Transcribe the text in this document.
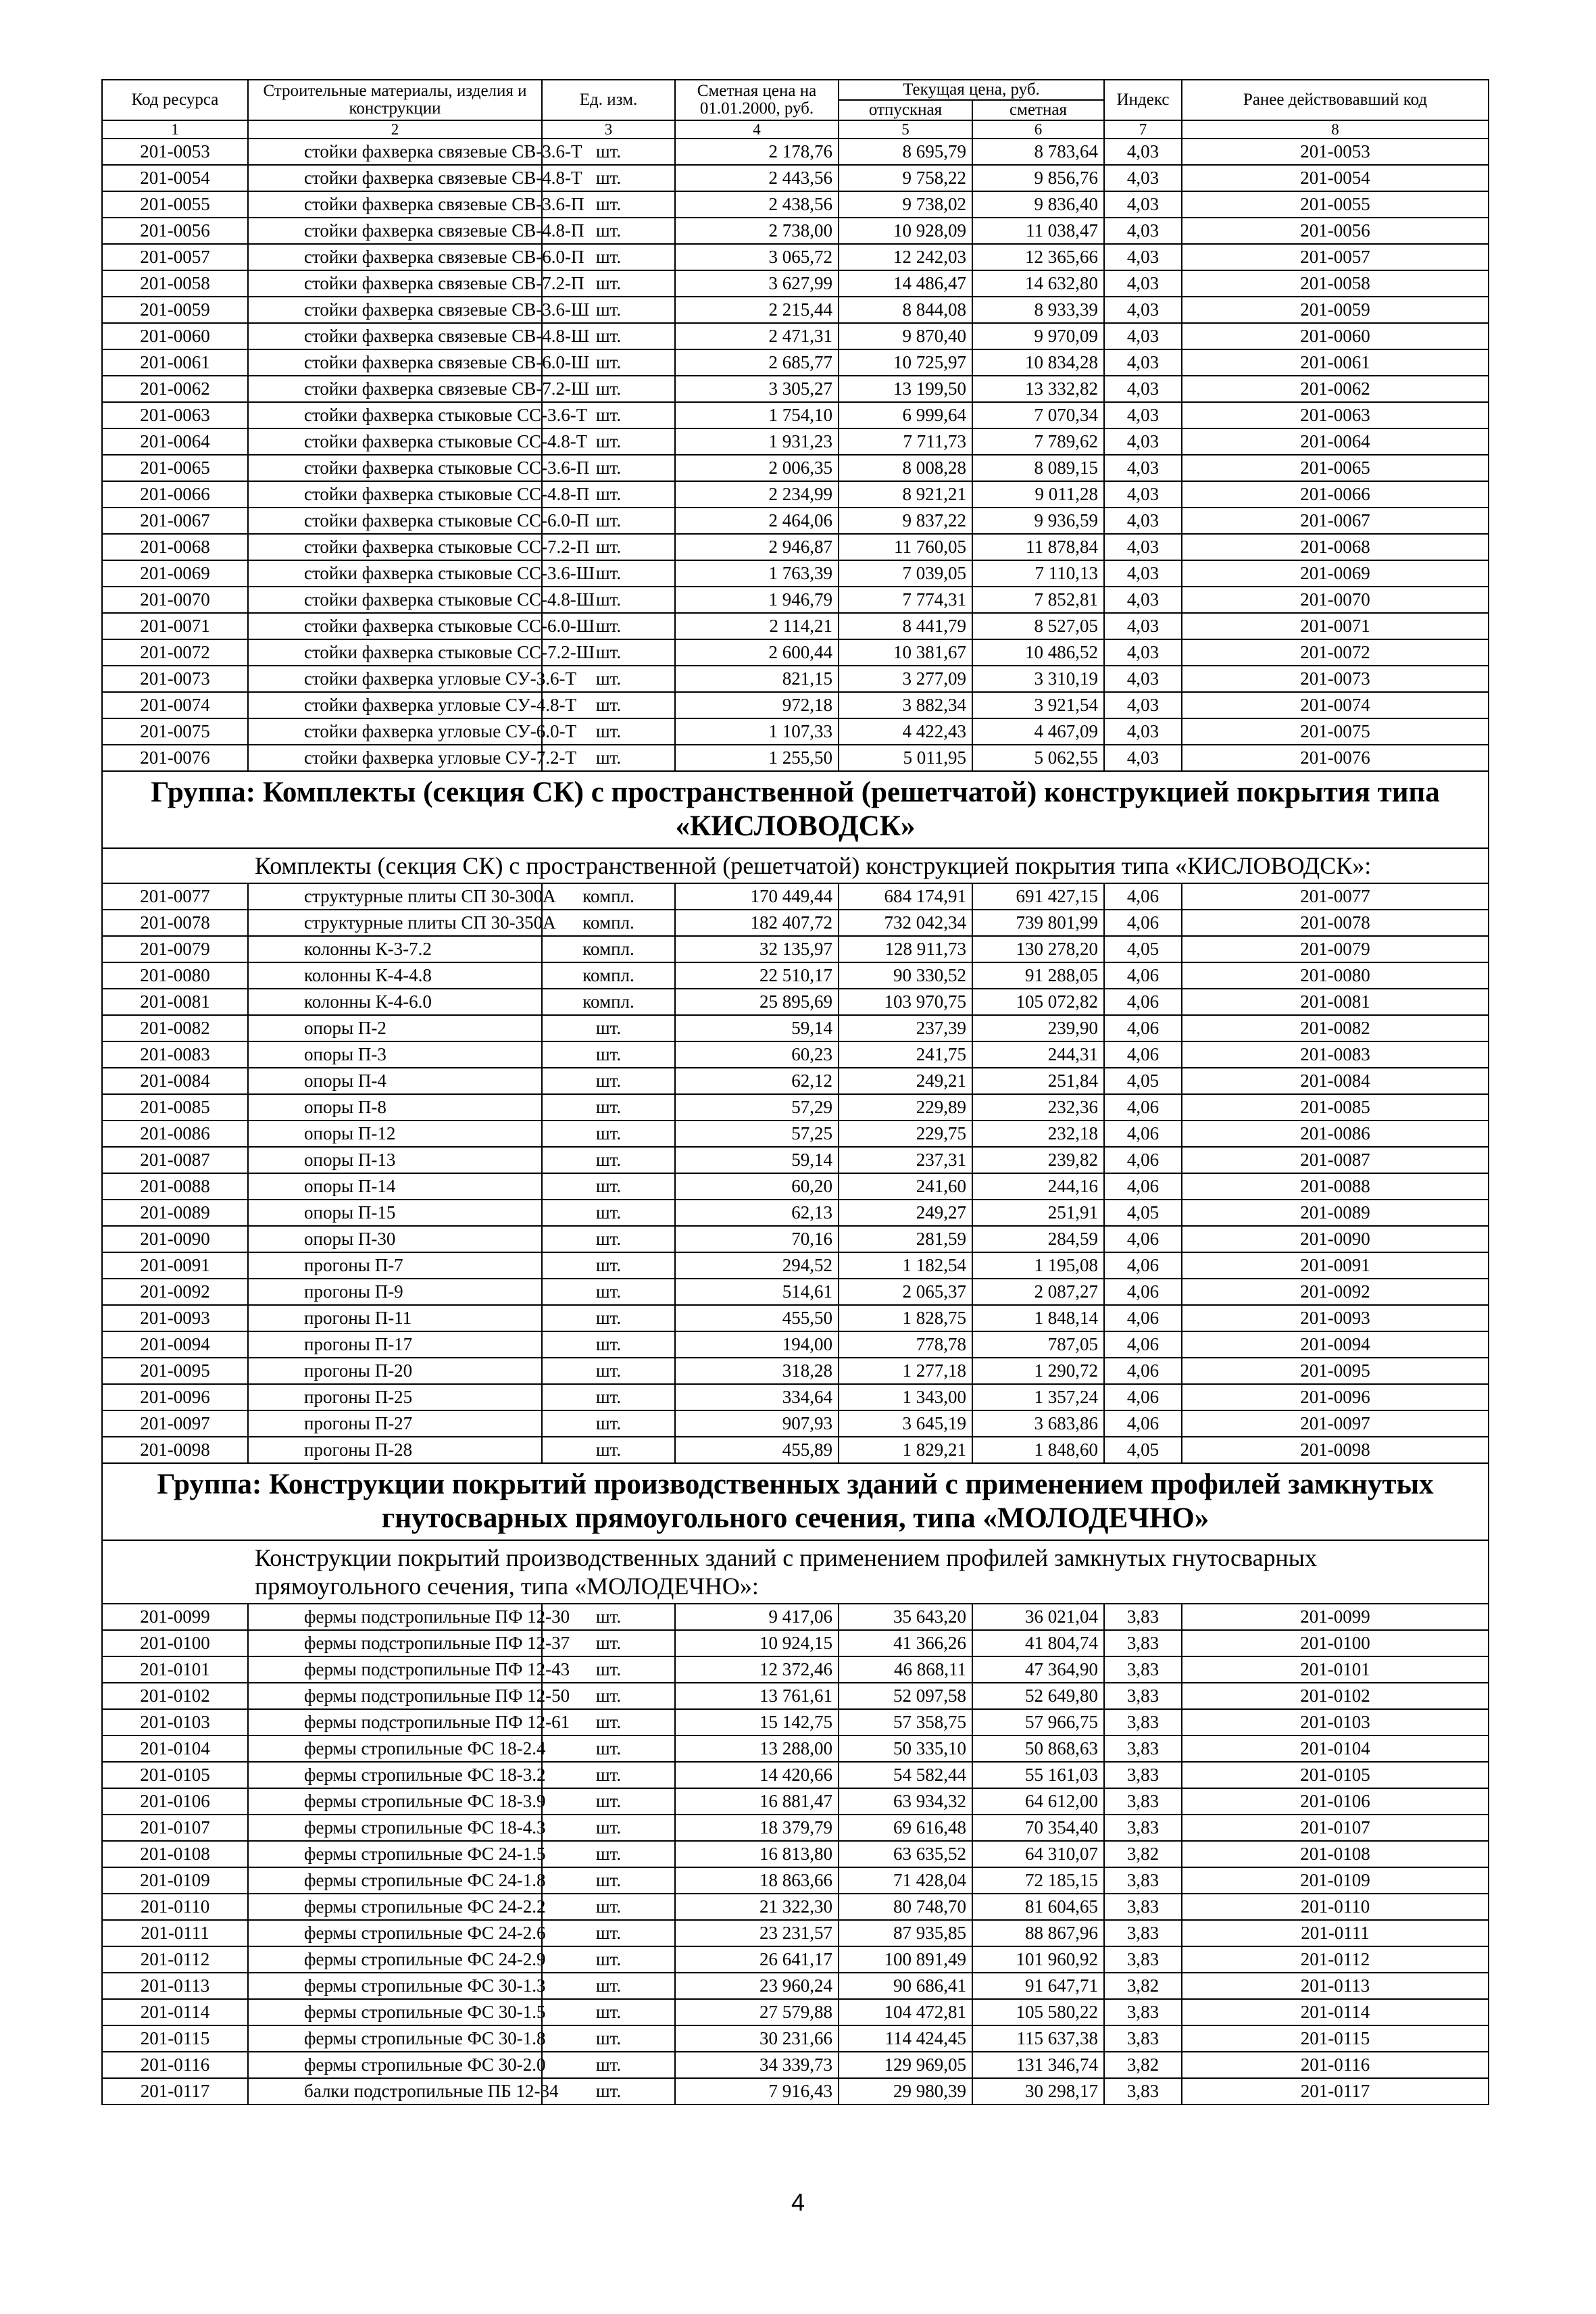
Код ресурса	Строительные материалы, изделия и конструкции	Ед. изм.	Сметная цена на 01.01.2000, руб.	Текущая цена, руб.		Индекс	Ранее действовавший код
				отпускная	сметная		
1	2	3	4	5	6	7	8
201-0053	стойки фахверка связевые СВ-3.6-Т	шт.	2 178,76	8 695,79	8 783,64	4,03	201-0053
201-0054	стойки фахверка связевые СВ-4.8-Т	шт.	2 443,56	9 758,22	9 856,76	4,03	201-0054
201-0055	стойки фахверка связевые СВ-3.6-П	шт.	2 438,56	9 738,02	9 836,40	4,03	201-0055
201-0056	стойки фахверка связевые СВ-4.8-П	шт.	2 738,00	10 928,09	11 038,47	4,03	201-0056
201-0057	стойки фахверка связевые СВ-6.0-П	шт.	3 065,72	12 242,03	12 365,66	4,03	201-0057
201-0058	стойки фахверка связевые СВ-7.2-П	шт.	3 627,99	14 486,47	14 632,80	4,03	201-0058
201-0059	стойки фахверка связевые СВ-3.6-Ш	шт.	2 215,44	8 844,08	8 933,39	4,03	201-0059
201-0060	стойки фахверка связевые СВ-4.8-Ш	шт.	2 471,31	9 870,40	9 970,09	4,03	201-0060
201-0061	стойки фахверка связевые СВ-6.0-Ш	шт.	2 685,77	10 725,97	10 834,28	4,03	201-0061
201-0062	стойки фахверка связевые СВ-7.2-Ш	шт.	3 305,27	13 199,50	13 332,82	4,03	201-0062
201-0063	стойки фахверка стыковые СС-3.6-Т	шт.	1 754,10	6 999,64	7 070,34	4,03	201-0063
201-0064	стойки фахверка стыковые СС-4.8-Т	шт.	1 931,23	7 711,73	7 789,62	4,03	201-0064
201-0065	стойки фахверка стыковые СС-3.6-П	шт.	2 006,35	8 008,28	8 089,15	4,03	201-0065
201-0066	стойки фахверка стыковые СС-4.8-П	шт.	2 234,99	8 921,21	9 011,28	4,03	201-0066
201-0067	стойки фахверка стыковые СС-6.0-П	шт.	2 464,06	9 837,22	9 936,59	4,03	201-0067
201-0068	стойки фахверка стыковые СС-7.2-П	шт.	2 946,87	11 760,05	11 878,84	4,03	201-0068
201-0069	стойки фахверка стыковые СС-3.6-Ш	шт.	1 763,39	7 039,05	7 110,13	4,03	201-0069
201-0070	стойки фахверка стыковые СС-4.8-Ш	шт.	1 946,79	7 774,31	7 852,81	4,03	201-0070
201-0071	стойки фахверка стыковые СС-6.0-Ш	шт.	2 114,21	8 441,79	8 527,05	4,03	201-0071
201-0072	стойки фахверка стыковые СС-7.2-Ш	шт.	2 600,44	10 381,67	10 486,52	4,03	201-0072
201-0073	стойки фахверка угловые СУ-3.6-Т	шт.	821,15	3 277,09	3 310,19	4,03	201-0073
201-0074	стойки фахверка угловые СУ-4.8-Т	шт.	972,18	3 882,34	3 921,54	4,03	201-0074
201-0075	стойки фахверка угловые СУ-6.0-Т	шт.	1 107,33	4 422,43	4 467,09	4,03	201-0075
201-0076	стойки фахверка угловые СУ-7.2-Т	шт.	1 255,50	5 011,95	5 062,55	4,03	201-0076
Группа: Комплекты (секция СК) с пространственной (решетчатой) конструкцией покрытия типа «КИСЛОВОДСК»							
Комплекты (секция СК) с пространственной (решетчатой) конструкцией покрытия типа «КИСЛОВОДСК»:							
201-0077	структурные плиты СП 30-300А	компл.	170 449,44	684 174,91	691 427,15	4,06	201-0077
201-0078	структурные плиты СП 30-350А	компл.	182 407,72	732 042,34	739 801,99	4,06	201-0078
201-0079	колонны К-3-7.2	компл.	32 135,97	128 911,73	130 278,20	4,05	201-0079
201-0080	колонны К-4-4.8	компл.	22 510,17	90 330,52	91 288,05	4,06	201-0080
201-0081	колонны К-4-6.0	компл.	25 895,69	103 970,75	105 072,82	4,06	201-0081
201-0082	опоры П-2	шт.	59,14	237,39	239,90	4,06	201-0082
201-0083	опоры П-3	шт.	60,23	241,75	244,31	4,06	201-0083
201-0084	опоры П-4	шт.	62,12	249,21	251,84	4,05	201-0084
201-0085	опоры П-8	шт.	57,29	229,89	232,36	4,06	201-0085
201-0086	опоры П-12	шт.	57,25	229,75	232,18	4,06	201-0086
201-0087	опоры П-13	шт.	59,14	237,31	239,82	4,06	201-0087
201-0088	опоры П-14	шт.	60,20	241,60	244,16	4,06	201-0088
201-0089	опоры П-15	шт.	62,13	249,27	251,91	4,05	201-0089
201-0090	опоры П-30	шт.	70,16	281,59	284,59	4,06	201-0090
201-0091	прогоны П-7	шт.	294,52	1 182,54	1 195,08	4,06	201-0091
201-0092	прогоны П-9	шт.	514,61	2 065,37	2 087,27	4,06	201-0092
201-0093	прогоны П-11	шт.	455,50	1 828,75	1 848,14	4,06	201-0093
201-0094	прогоны П-17	шт.	194,00	778,78	787,05	4,06	201-0094
201-0095	прогоны П-20	шт.	318,28	1 277,18	1 290,72	4,06	201-0095
201-0096	прогоны П-25	шт.	334,64	1 343,00	1 357,24	4,06	201-0096
201-0097	прогоны П-27	шт.	907,93	3 645,19	3 683,86	4,06	201-0097
201-0098	прогоны П-28	шт.	455,89	1 829,21	1 848,60	4,05	201-0098
Группа: Конструкции покрытий производственных зданий с применением профилей замкнутых гнутосварных прямоугольного сечения, типа «МОЛОДЕЧНО»							
Конструкции покрытий производственных зданий с применением профилей замкнутых гнутосварных прямоугольного сечения, типа «МОЛОДЕЧНО»:							
201-0099	фермы подстропильные ПФ 12-30	шт.	9 417,06	35 643,20	36 021,04	3,83	201-0099
201-0100	фермы подстропильные ПФ 12-37	шт.	10 924,15	41 366,26	41 804,74	3,83	201-0100
201-0101	фермы подстропильные ПФ 12-43	шт.	12 372,46	46 868,11	47 364,90	3,83	201-0101
201-0102	фермы подстропильные ПФ 12-50	шт.	13 761,61	52 097,58	52 649,80	3,83	201-0102
201-0103	фермы подстропильные ПФ 12-61	шт.	15 142,75	57 358,75	57 966,75	3,83	201-0103
201-0104	фермы стропильные ФС 18-2.4	шт.	13 288,00	50 335,10	50 868,63	3,83	201-0104
201-0105	фермы стропильные ФС 18-3.2	шт.	14 420,66	54 582,44	55 161,03	3,83	201-0105
201-0106	фермы стропильные ФС 18-3.9	шт.	16 881,47	63 934,32	64 612,00	3,83	201-0106
201-0107	фермы стропильные ФС 18-4.3	шт.	18 379,79	69 616,48	70 354,40	3,83	201-0107
201-0108	фермы стропильные ФС 24-1.5	шт.	16 813,80	63 635,52	64 310,07	3,82	201-0108
201-0109	фермы стропильные ФС 24-1.8	шт.	18 863,66	71 428,04	72 185,15	3,83	201-0109
201-0110	фермы стропильные ФС 24-2.2	шт.	21 322,30	80 748,70	81 604,65	3,83	201-0110
201-0111	фермы стропильные ФС 24-2.6	шт.	23 231,57	87 935,85	88 867,96	3,83	201-0111
201-0112	фермы стропильные ФС 24-2.9	шт.	26 641,17	100 891,49	101 960,92	3,83	201-0112
201-0113	фермы стропильные ФС 30-1.3	шт.	23 960,24	90 686,41	91 647,71	3,82	201-0113
201-0114	фермы стропильные ФС 30-1.5	шт.	27 579,88	104 472,81	105 580,22	3,83	201-0114
201-0115	фермы стропильные ФС 30-1.8	шт.	30 231,66	114 424,45	115 637,38	3,83	201-0115
201-0116	фермы стропильные ФС 30-2.0	шт.	34 339,73	129 969,05	131 346,74	3,82	201-0116
201-0117	балки подстропильные ПБ 12-34	шт.	7 916,43	29 980,39	30 298,17	3,83	201-0117
4
